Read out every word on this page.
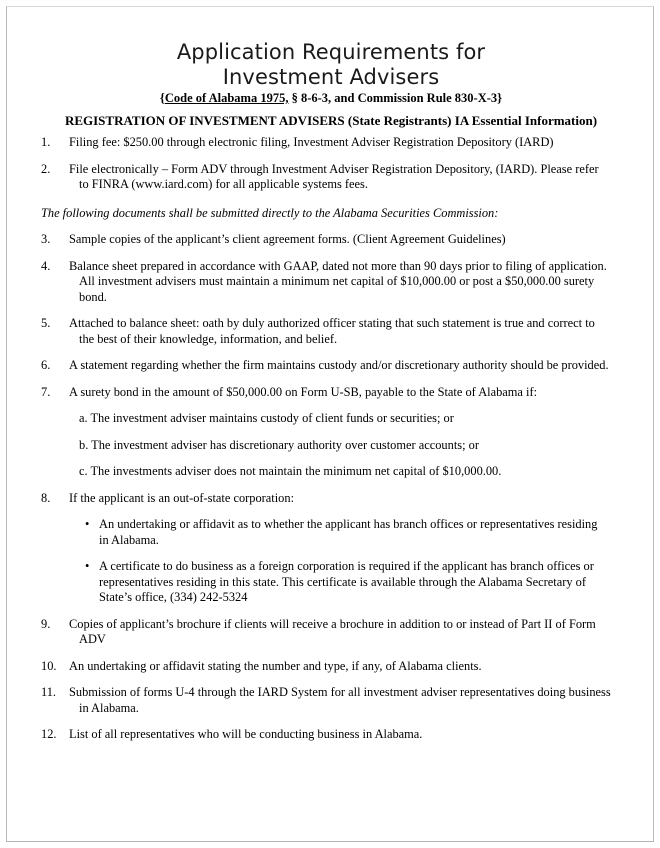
Application Requirements for
Investment Advisers
{Code of Alabama 1975, § 8-6-3, and Commission Rule 830-X-3}
REGISTRATION OF INVESTMENT ADVISERS (State Registrants) IA Essential Information)
1.	Filing fee: $250.00 through electronic filing, Investment Adviser Registration Depository (IARD)
2.	File electronically – Form ADV through Investment Adviser Registration Depository, (IARD). Please refer to FINRA (www.iard.com) for all applicable systems fees.

The following documents shall be submitted directly to the Alabama Securities Commission:

3.	Sample copies of the applicant’s client agreement forms. (Client Agreement Guidelines)
4.	Balance sheet prepared in accordance with GAAP, dated not more than 90 days prior to filing of application. All investment advisers must maintain a minimum net capital of $10,000.00 or post a $50,000.00 surety bond.
5.	Attached to balance sheet: oath by duly authorized officer stating that such statement is true and correct to the best of their knowledge, information, and belief.
6.	A statement regarding whether the firm maintains custody and/or discretionary authority should be provided.
7.	A surety bond in the amount of $50,000.00 on Form U-SB, payable to the State of Alabama if:
a. The investment adviser maintains custody of client funds or securities; or
b. The investment adviser has discretionary authority over customer accounts; or
c. The investments adviser does not maintain the minimum net capital of $10,000.00.
8.	If the applicant is an out-of-state corporation:
• An undertaking or affidavit as to whether the applicant has branch offices or representatives residing in Alabama.
• A certificate to do business as a foreign corporation is required if the applicant has branch offices or representatives residing in this state. This certificate is available through the Alabama Secretary of State’s office, (334) 242-5324
9.	Copies of applicant’s brochure if clients will receive a brochure in addition to or instead of Part II of Form ADV
10.	An undertaking or affidavit stating the number and type, if any, of Alabama clients.
11.	Submission of forms U-4 through the IARD System for all investment adviser representatives doing business in Alabama.
12.	List of all representatives who will be conducting business in Alabama.
